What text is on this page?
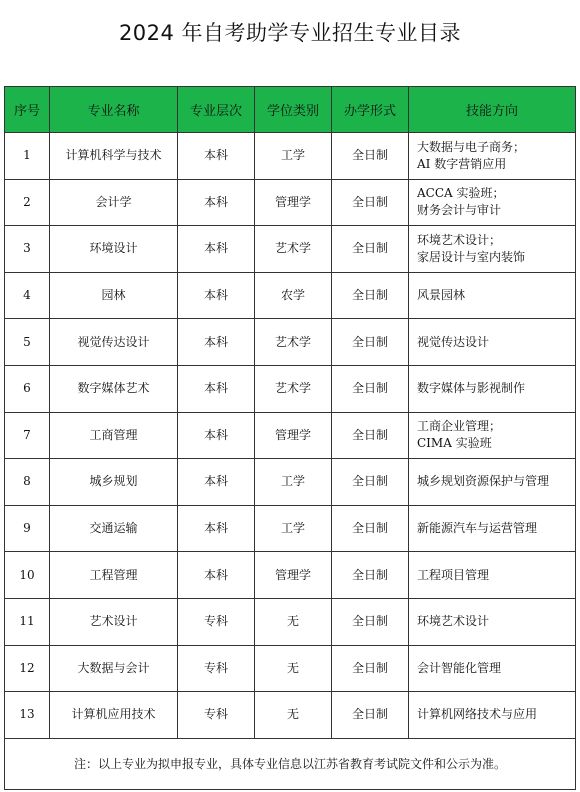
2024 年自考助学专业招生专业目录
序号	专业名称	专业层次	学位类别	办学形式	技能方向
1	计算机科学与技术	本科	工学	全日制	大数据与电子商务；
AI 数字营销应用

2	会计学	本科	管理学	全日制	ACCA 实验班；
财务会计与审计

3	环境设计	本科	艺术学	全日制	环境艺术设计；
家居设计与室内装饰

4	园林	本科	农学	全日制	风景园林

5	视觉传达设计	本科	艺术学	全日制	视觉传达设计

6	数字媒体艺术	本科	艺术学	全日制	数字媒体与影视制作

7	工商管理	本科	管理学	全日制	工商企业管理；
CIMA 实验班

8	城乡规划	本科	工学	全日制	城乡规划资源保护与管理

9	交通运输	本科	工学	全日制	新能源汽车与运营管理

10	工程管理	本科	管理学	全日制	工程项目管理

11	艺术设计	专科	无	全日制	环境艺术设计

12	大数据与会计	专科	无	全日制	会计智能化管理

13	计算机应用技术	专科	无	全日制	计算机网络技术与应用

注：以上专业为拟申报专业，具体专业信息以江苏省教育考试院文件和公示为准。					
